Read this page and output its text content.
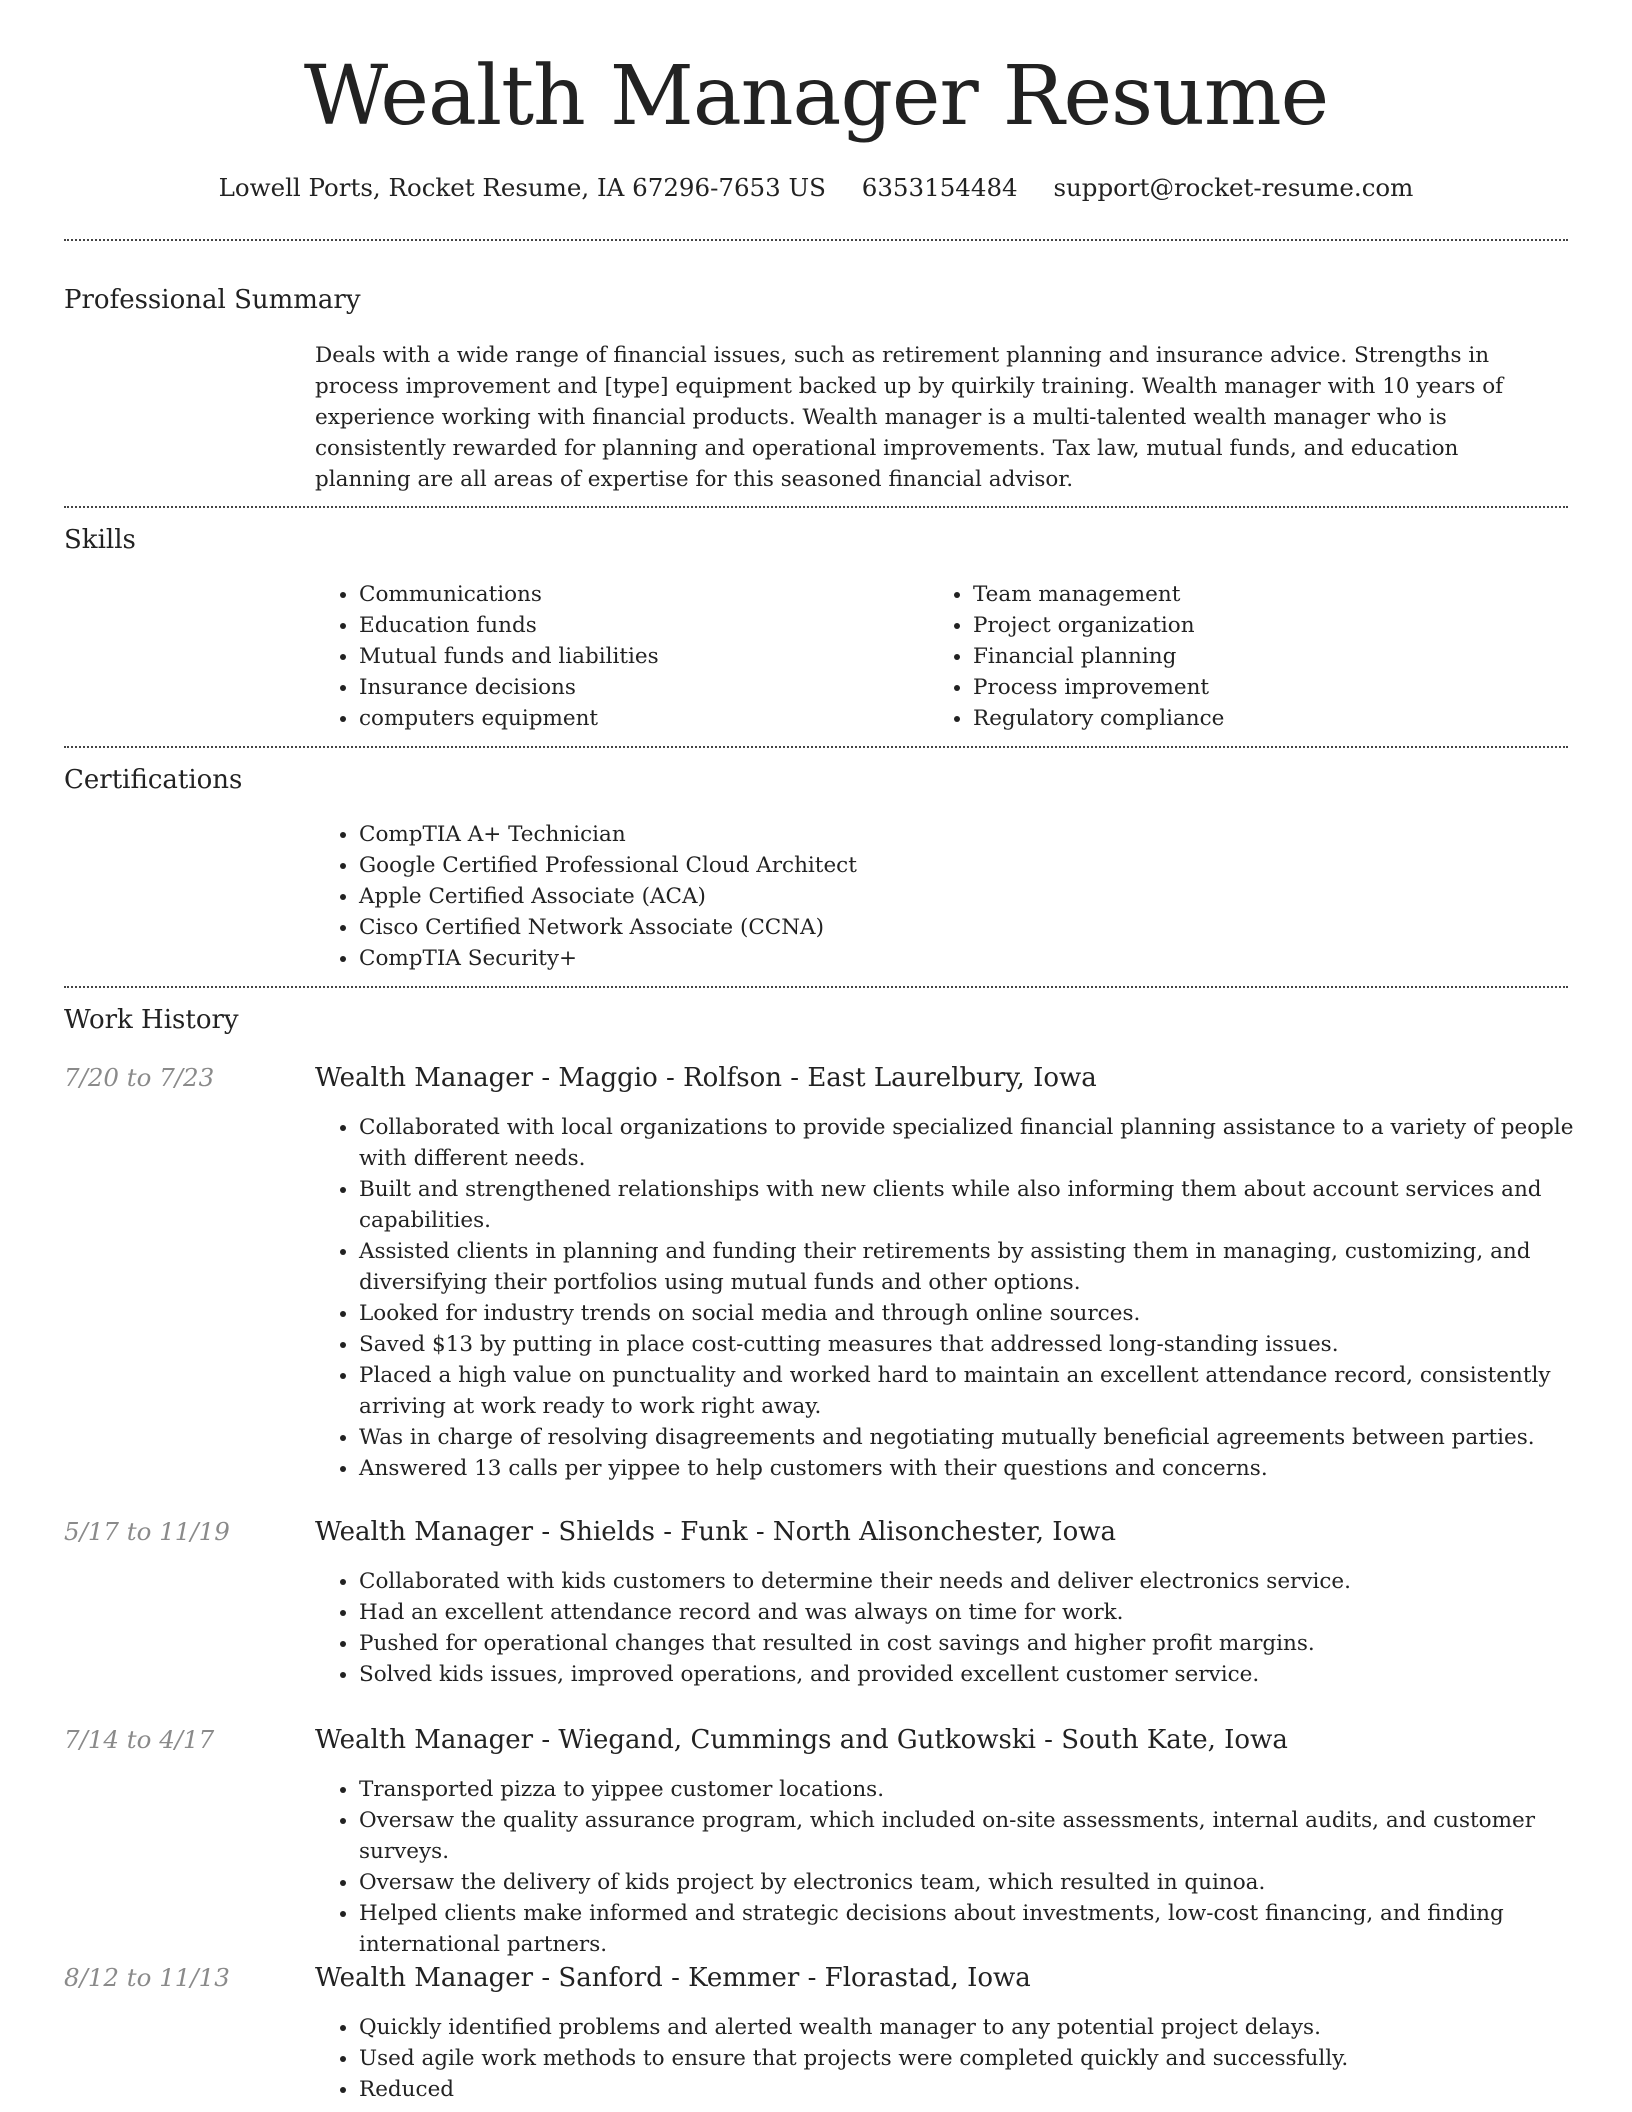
Wealth Manager Resume
Lowell Ports, Rocket Resume, IA 67296-7653 US 6353154484 support@rocket-resume.com
Professional Summary

Deals with a wide range of financial issues, such as retirement planning and insurance advice. Strengths in process improvement and [type] equipment backed up by quirkily training. Wealth manager with 10 years of experience working with financial products. Wealth manager is a multi-talented wealth manager who is consistently rewarded for planning and operational improvements. Tax law, mutual funds, and education planning are all areas of expertise for this seasoned financial advisor.

Skills
• Communications
• Education funds
• Mutual funds and liabilities
• Insurance decisions
• computers equipment
• Team management
• Project organization
• Financial planning
• Process improvement
• Regulatory compliance
Certifications
• CompTIA A+ Technician
• Google Certified Professional Cloud Architect
• Apple Certified Associate (ACA)
• Cisco Certified Network Associate (CCNA)
• CompTIA Security+
Work History
7/20 to 7/23	Wealth Manager - Maggio - Rolfson - East Laurelbury, Iowa
• Collaborated with local organizations to provide specialized financial planning assistance to a variety of people with different needs.
• Built and strengthened relationships with new clients while also informing them about account services and capabilities.
• Assisted clients in planning and funding their retirements by assisting them in managing, customizing, and diversifying their portfolios using mutual funds and other options.
• Looked for industry trends on social media and through online sources.
• Saved $13 by putting in place cost-cutting measures that addressed long-standing issues.
• Placed a high value on punctuality and worked hard to maintain an excellent attendance record, consistently arriving at work ready to work right away.
• Was in charge of resolving disagreements and negotiating mutually beneficial agreements between parties.
• Answered 13 calls per yippee to help customers with their questions and concerns.
5/17 to 11/19	Wealth Manager - Shields - Funk - North Alisonchester, Iowa
• Collaborated with kids customers to determine their needs and deliver electronics service.
• Had an excellent attendance record and was always on time for work.
• Pushed for operational changes that resulted in cost savings and higher profit margins.
• Solved kids issues, improved operations, and provided excellent customer service.
7/14 to 4/17	Wealth Manager - Wiegand, Cummings and Gutkowski - South Kate, Iowa
• Transported pizza to yippee customer locations.
• Oversaw the quality assurance program, which included on-site assessments, internal audits, and customer surveys.
• Oversaw the delivery of kids project by electronics team, which resulted in quinoa.
• Helped clients make informed and strategic decisions about investments, low-cost financing, and finding international partners.
8/12 to 11/13	Wealth Manager - Sanford - Kemmer - Florastad, Iowa
• Quickly identified problems and alerted wealth manager to any potential project delays.
• Used agile work methods to ensure that projects were completed quickly and successfully.
• Reduced
